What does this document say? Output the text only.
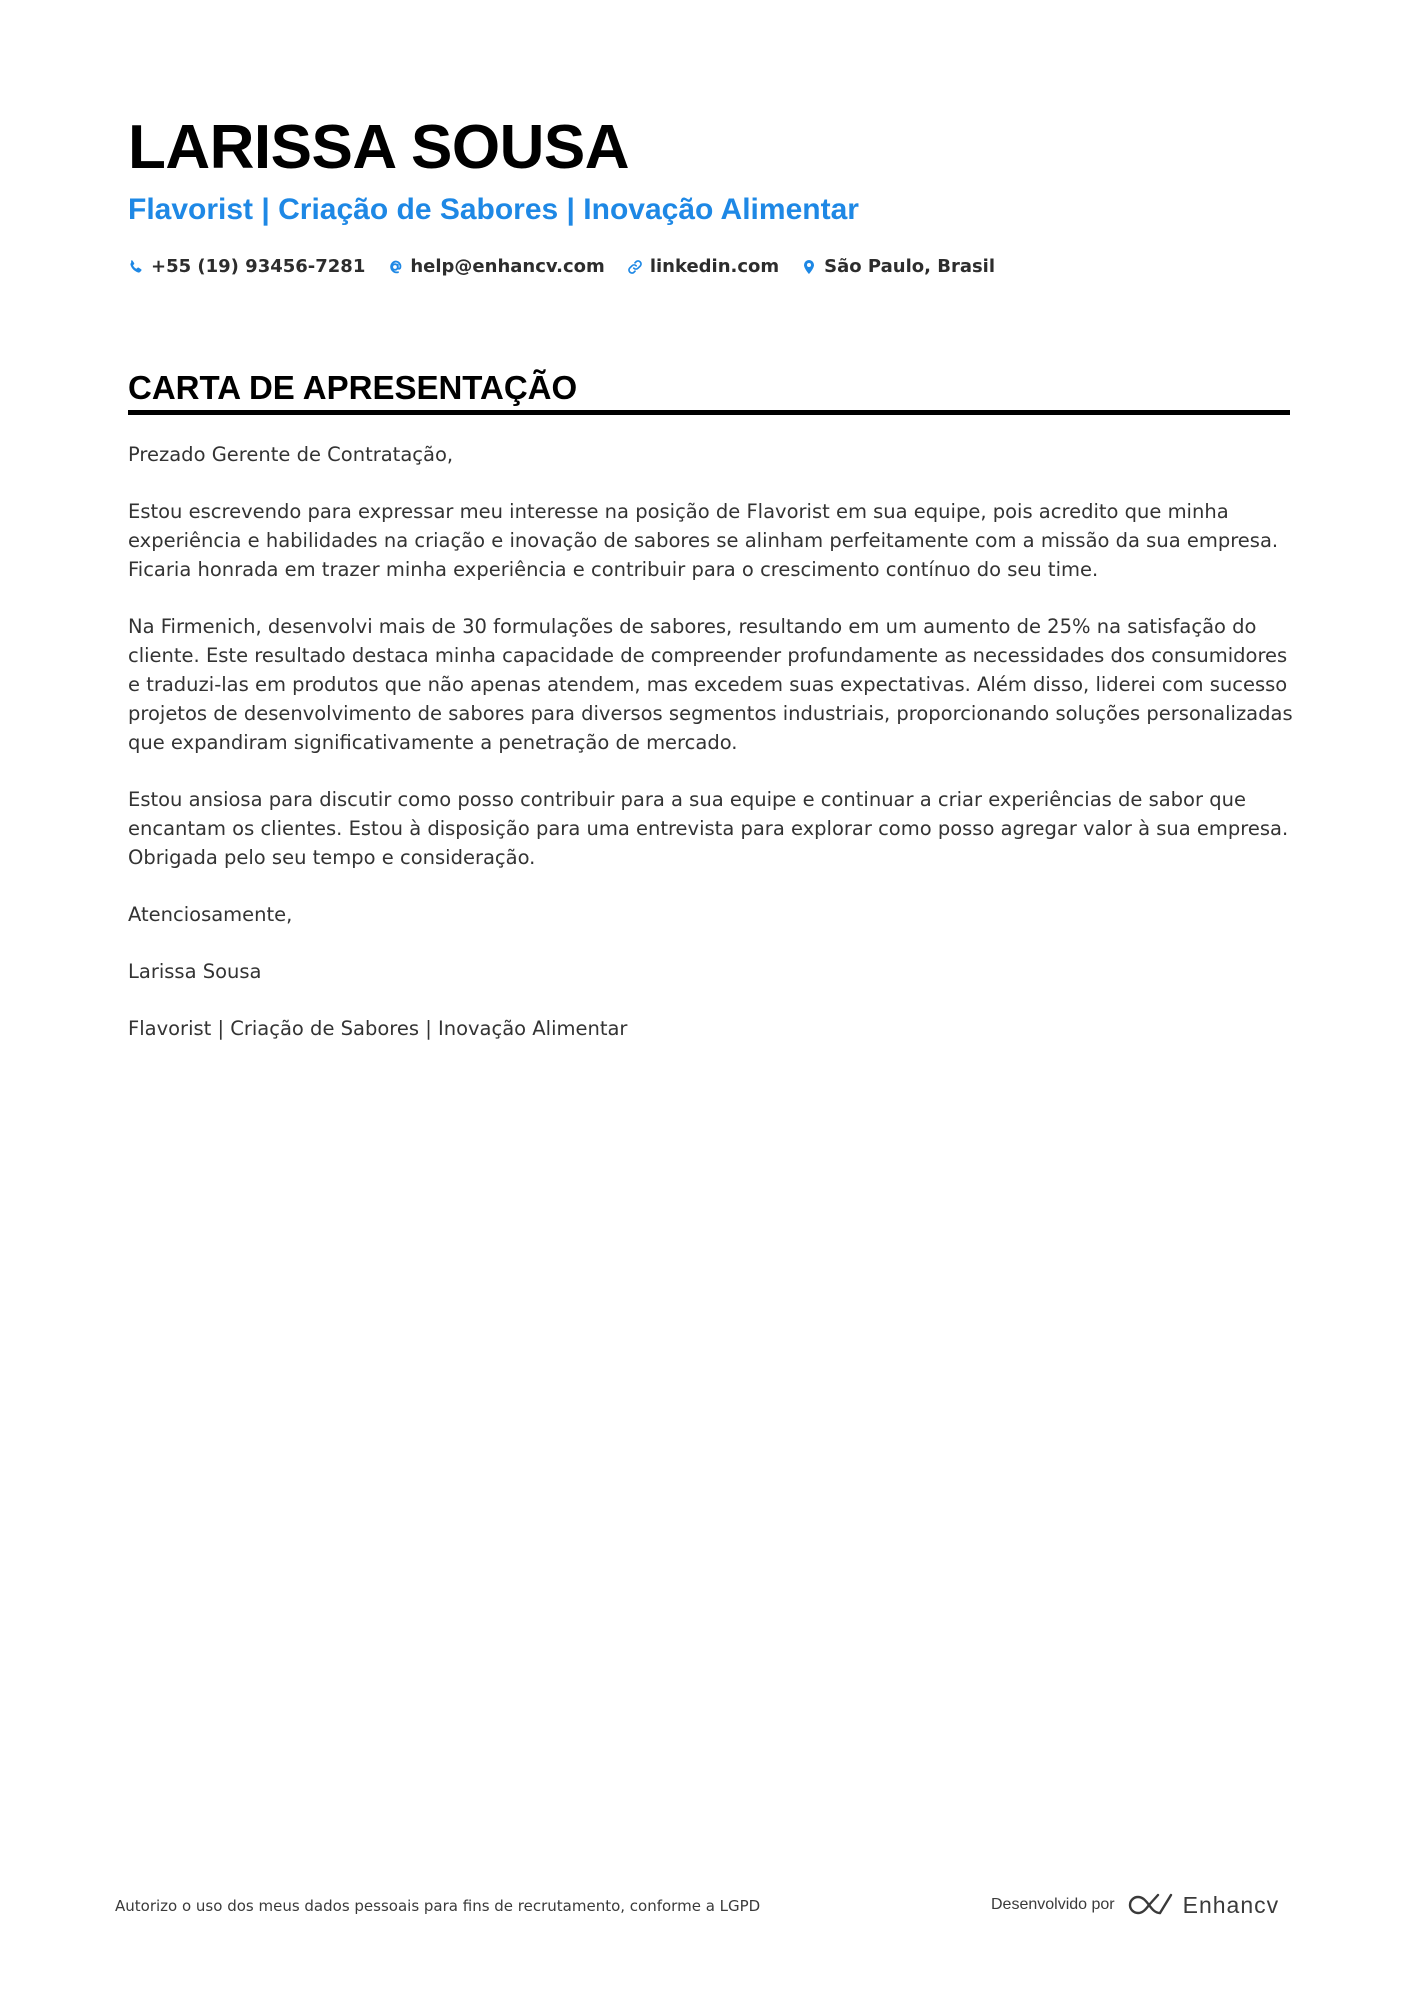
LARISSA SOUSA
Flavorist | Criação de Sabores | Inovação Alimentar
+55 (19) 93456-7281	help@enhancv.com	linkedin.com	São Paulo, Brasil
CARTA DE APRESENTAÇÃO

Prezado Gerente de Contratação,

Estou escrevendo para expressar meu interesse na posição de Flavorist em sua equipe, pois acredito que minha experiência e habilidades na criação e inovação de sabores se alinham perfeitamente com a missão da sua empresa. Ficaria honrada em trazer minha experiência e contribuir para o crescimento contínuo do seu time.

Na Firmenich, desenvolvi mais de 30 formulações de sabores, resultando em um aumento de 25% na satisfação do cliente. Este resultado destaca minha capacidade de compreender profundamente as necessidades dos consumidores e traduzi-las em produtos que não apenas atendem, mas excedem suas expectativas. Além disso, liderei com sucesso projetos de desenvolvimento de sabores para diversos segmentos industriais, proporcionando soluções personalizadas que expandiram significativamente a penetração de mercado.

Estou ansiosa para discutir como posso contribuir para a sua equipe e continuar a criar experiências de sabor que encantam os clientes. Estou à disposição para uma entrevista para explorar como posso agregar valor à sua empresa. Obrigada pelo seu tempo e consideração.

Atenciosamente,

Larissa Sousa

Flavorist | Criação de Sabores | Inovação Alimentar

Autorizo o uso dos meus dados pessoais para fins de recrutamento, conforme a LGPD	Desenvolvido por	Enhancv
